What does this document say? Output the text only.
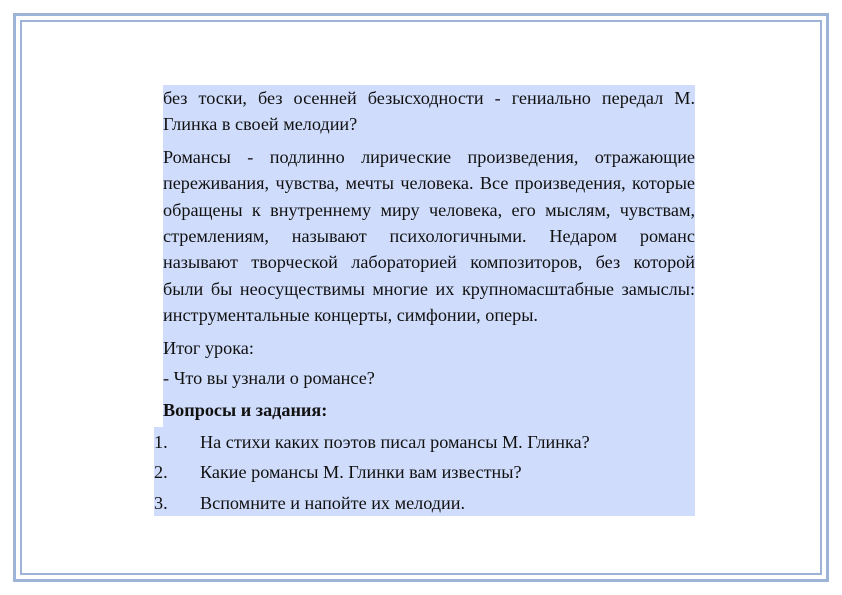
без тоски, без осенней безысходности - гениально передал М. Глинка в своей мелодии?
Романсы - подлинно лирические произведения, отражающие переживания, чувства, мечты человека. Все произведения, которые обращены к внутреннему миру человека, его мыслям, чувствам, стремлениям, называют психологичными. Недаром романс называют творческой лабораторией композиторов, без которой были бы неосуществимы многие их крупномасштабные замыслы: инструментальные концерты, симфонии, оперы.
Итог урока:
- Что вы узнали о романсе?
Вопросы и задания:
1.	На стихи каких поэтов писал романсы М. Глинка?
2.	Какие романсы М. Глинки вам известны?
3.	Вспомните и напойте их мелодии.
